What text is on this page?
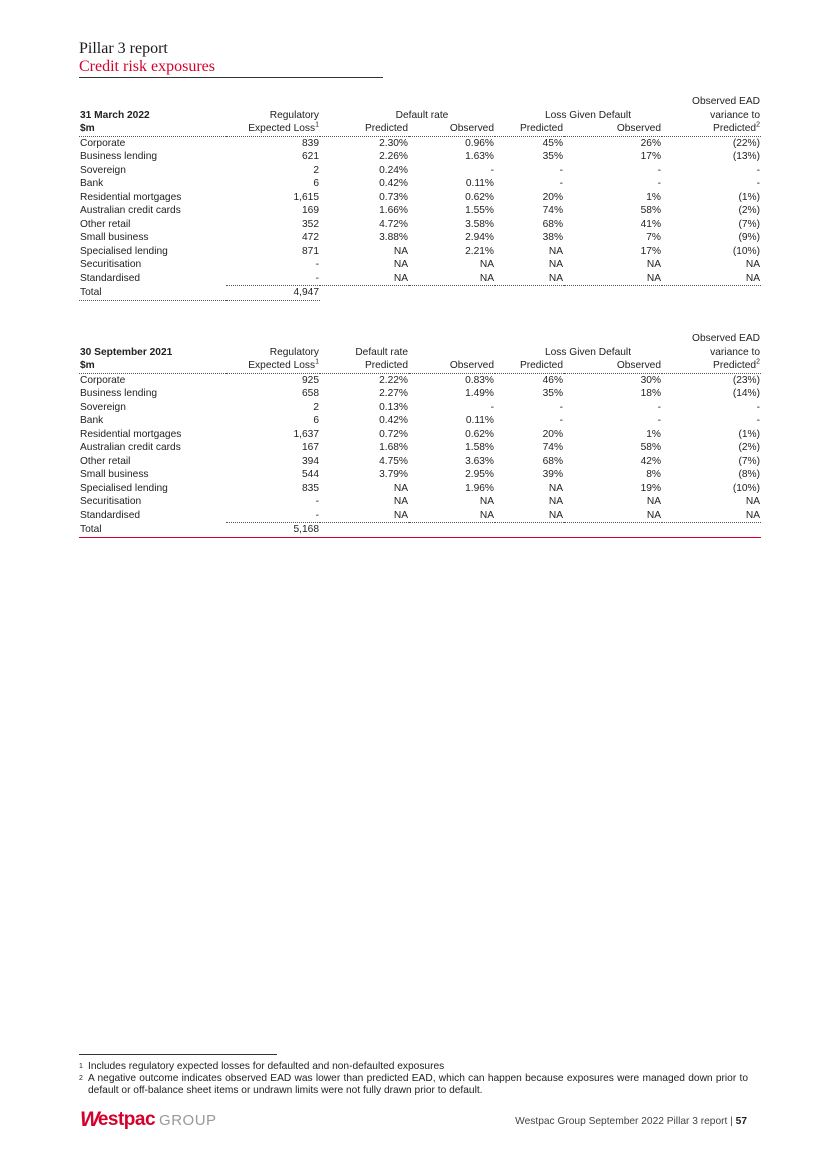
Pillar 3 report
Credit risk exposures
						Observed EAD
31 March 2022	Regulatory	Default rate		Loss Given Default		variance to
$m	Expected Loss$^1$	Predicted	Observed	Predicted	Observed	Predicted$^2$
Corporate	839	2.30%	0.96%	45%	26%	(22%)
Business lending	621	2.26%	1.63%	35%	17%	(13%)
Sovereign	2	0.24%	-	-	-	-
Bank	6	0.42%	0.11%	-	-	-
Residential mortgages	1,615	0.73%	0.62%	20%	1%	(1%)
Australian credit cards	169	1.66%	1.55%	74%	58%	(2%)
Other retail	352	4.72%	3.58%	68%	41%	(7%)
Small business	472	3.88%	2.94%	38%	7%	(9%)
Specialised lending	871	NA	2.21%	NA	17%	(10%)
Securitisation	-	NA	NA	NA	NA	NA
Standardised	-	NA	NA	NA	NA	NA
Total	4,947					
						Observed EAD
30 September 2021	Regulatory	Default rate		Loss Given Default		variance to
$m	Expected Loss$^1$	Predicted	Observed	Predicted	Observed	Predicted$^2$
Corporate	925	2.22%	0.83%	46%	30%	(23%)
Business lending	658	2.27%	1.49%	35%	18%	(14%)
Sovereign	2	0.13%	-	-	-	-
Bank	6	0.42%	0.11%	-	-	-
Residential mortgages	1,637	0.72%	0.62%	20%	1%	(1%)
Australian credit cards	167	1.68%	1.58%	74%	58%	(2%)
Other retail	394	4.75%	3.63%	68%	42%	(7%)
Small business	544	3.79%	2.95%	39%	8%	(8%)
Specialised lending	835	NA	1.96%	NA	19%	(10%)
Securitisation	-	NA	NA	NA	NA	NA
Standardised	-	NA	NA	NA	NA	NA
Total	5,168					
1 Includes regulatory expected losses for defaulted and non-defaulted exposures
2 A negative outcome indicates observed EAD was lower than predicted EAD, which can happen because exposures were managed down prior to default or off-balance sheet items or undrawn limits were not fully drawn prior to default.
W estpac GROUP	Westpac Group September 2022 Pillar 3 report | 57
